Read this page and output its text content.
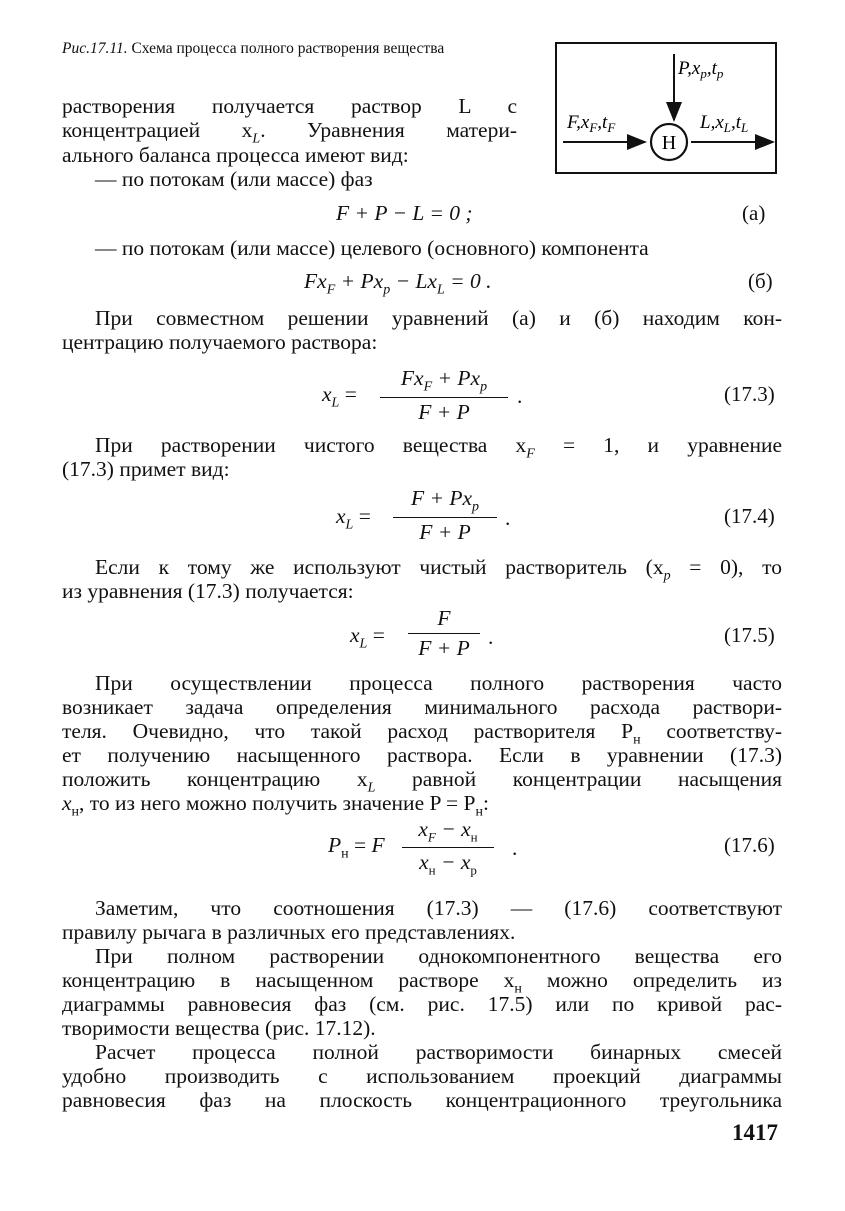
Рис.17.11. Схема процесса полного растворения вещества
Н
$F,x_F,t_F$
$P,x_p,t_p$
$L,x_L,t_L$
растворения получается раствор L с
концентрацией $x_L$. Уравнения матери-
ального баланса процесса имеют вид:
— по потокам (или массе) фаз
F + P − L = 0 ;	(а)
— по потокам (или массе) целевого (основного) компонента
$Fx_F + Px_p - Lx_L = 0$ .	(б)
При совместном решении уравнений (а) и (б) находим кон-
центрацию получаемого раствора:
$x_L$ =
$Fx_F + Px_p$
F + P
.	(17.3)
При растворении чистого вещества $x_F = 1$, и уравнение
(17.3) примет вид:
$x_L$ =
$F + Px_p$
F + P
.	(17.4)
Если к тому же используют чистый растворитель $(x_p = 0)$, то
из уравнения (17.3) получается:
$x_L$ =
F
F + P .	(17.5)
При осуществлении процесса полного растворения часто
возникает задача определения минимального расхода раствори-
теля. Очевидно, что такой расход растворителя $P_н$ соответству-
ет получению насыщенного раствора. Если в уравнении (17.3)
положить концентрацию $x_L$ равной концентрации насыщения
$x_н$, то из него можно получить значение $P = P_н$:
$P_н = F$
$x_F - x_н$
$x_н - x_p$
.	(17.6)
Заметим, что соотношения (17.3) — (17.6) соответствуют
правилу рычага в различных его представлениях.
При полном растворении однокомпонентного вещества его
концентрацию в насыщенном растворе $x_н$ можно определить из
диаграммы равновесия фаз (см. рис. 17.5) или по кривой рас-
творимости вещества (рис. 17.12).
Расчет процесса полной растворимости бинарных смесей
удобно производить с использованием проекций диаграммы
равновесия фаз на плоскость концентрационного треугольника
1417
